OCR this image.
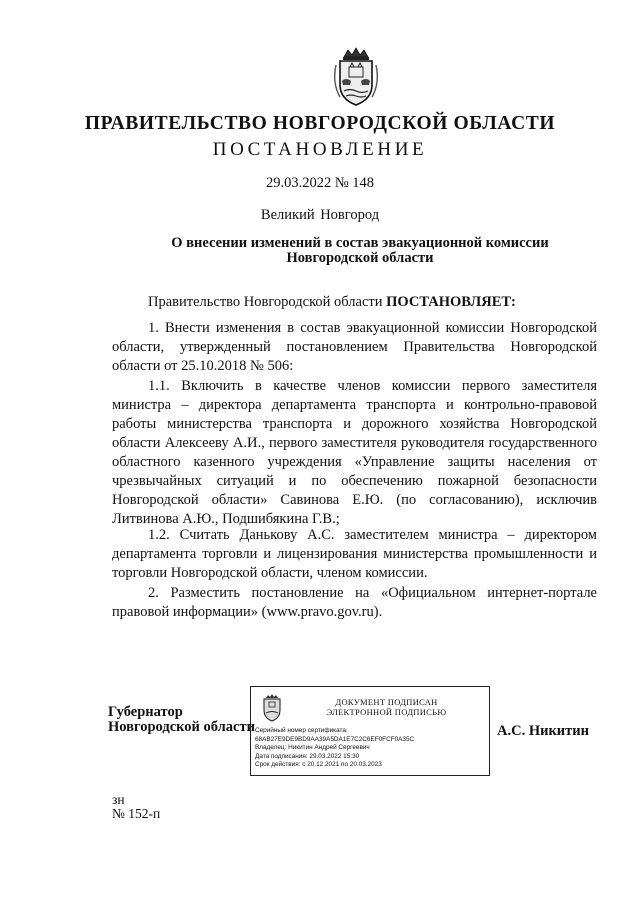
ПРАВИТЕЛЬСТВО НОВГОРОДСКОЙ ОБЛАСТИ
ПОСТАНОВЛЕНИЕ
29.03.2022 № 148
Великий Новгород
О внесении изменений в состав эвакуационной комиссии
Новгородской области
Правительство Новгородской области ПОСТАНОВЛЯЕТ:
1. Внести изменения в состав эвакуационной комиссии Новгородской области, утвержденный постановлением Правительства Новгородской области от 25.10.2018 № 506:
1.1. Включить в качестве членов комиссии первого заместителя министра – директора департамента транспорта и контрольно-правовой работы министерства транспорта и дорожного хозяйства Новгородской области Алексееву А.И., первого заместителя руководителя государственного областного казенного учреждения «Управление защиты населения от чрезвычайных ситуаций и по обеспечению пожарной безопасности Новгородской области» Савинова Е.Ю. (по согласованию), исключив Литвинова А.Ю., Подшибякина Г.В.;
1.2. Считать Данькову А.С. заместителем министра – директором департамента торговли и лицензирования министерства промышленности и торговли Новгородской области, членом комиссии.
2. Разместить постановление на «Официальном интернет-портале правовой информации» (www.pravo.gov.ru).
Губернатор
Новгородской области
ДОКУМЕНТ ПОДПИСАН
ЭЛЕКТРОННОЙ ПОДПИСЬЮ
Серийный номер сертификата:
68AB27E9DE9BD9AA39A5DA1E7C2C6EF0FCF0A35C
Владелец: Никитин Андрей Сергеевич
Дата подписания: 29.03.2022 15:30
Срок действия: с 20.12.2021 по 20.03.2023
А.С. Никитин
зн
№ 152-п
